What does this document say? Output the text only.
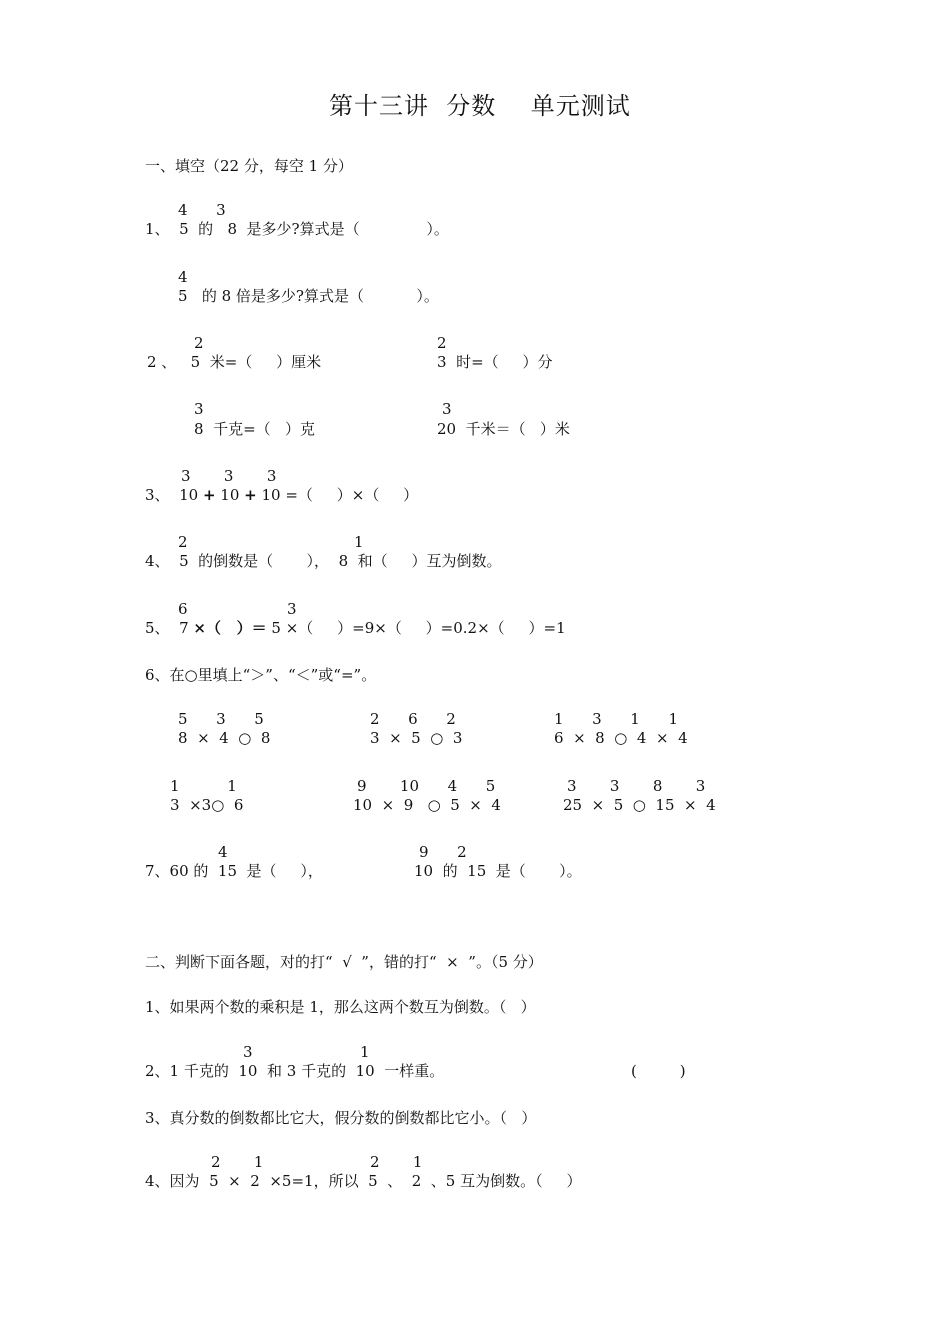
第十三讲  分数    单元测试
一、填空（22 分，每空 1 分）
4      3
1、  5  的   8  是多少?算式是（              ）。
4
5   的 8 倍是多少?算式是（           ）。
2
2 、   5  米=（     ）厘米
2
3  时=（     ）分
3
8  千克=（   ）克
3
20  千米＝（   ）米
3       3       3
3、  10 + 10 + 10 =（     ）×（     ）
2	1
4、  5  的倒数是（       ），  8  和（     ）互为倒数。
6	3
5、  7 ×（   ）＝ 5 ×（     ）=9×（     ）=0.2×（     ）=1
6、在○里填上“＞”、“＜”或“=”。
5      3      5
8  ×  4  ○  8
2      6      2
3  ×  5  ○  3
1      3      1      1
6  ×  8  ○  4  ×  4
1          1
3  ×3○  6
9       10      4      5
10  ×  9   ○  5  ×  4
3       3       8       3
25  ×  5  ○  15  ×  4
4	9      2
7、60 的  15  是（     ），	10  的  15  是（       ）。
二、判断下面各题，对的打“  √  ”，错的打“  ×  ”。（5 分）
1、如果两个数的乘积是 1，那么这两个数互为倒数。（   ）
3	1
2、1 千克的  10  和 3 千克的  10  一样重。	(         )
3、真分数的倒数都比它大，假分数的倒数都比它小。（   ）
2       1	2       1
4、因为  5  ×  2  ×5=1，所以  5  、  2  、5 互为倒数。（     ）
